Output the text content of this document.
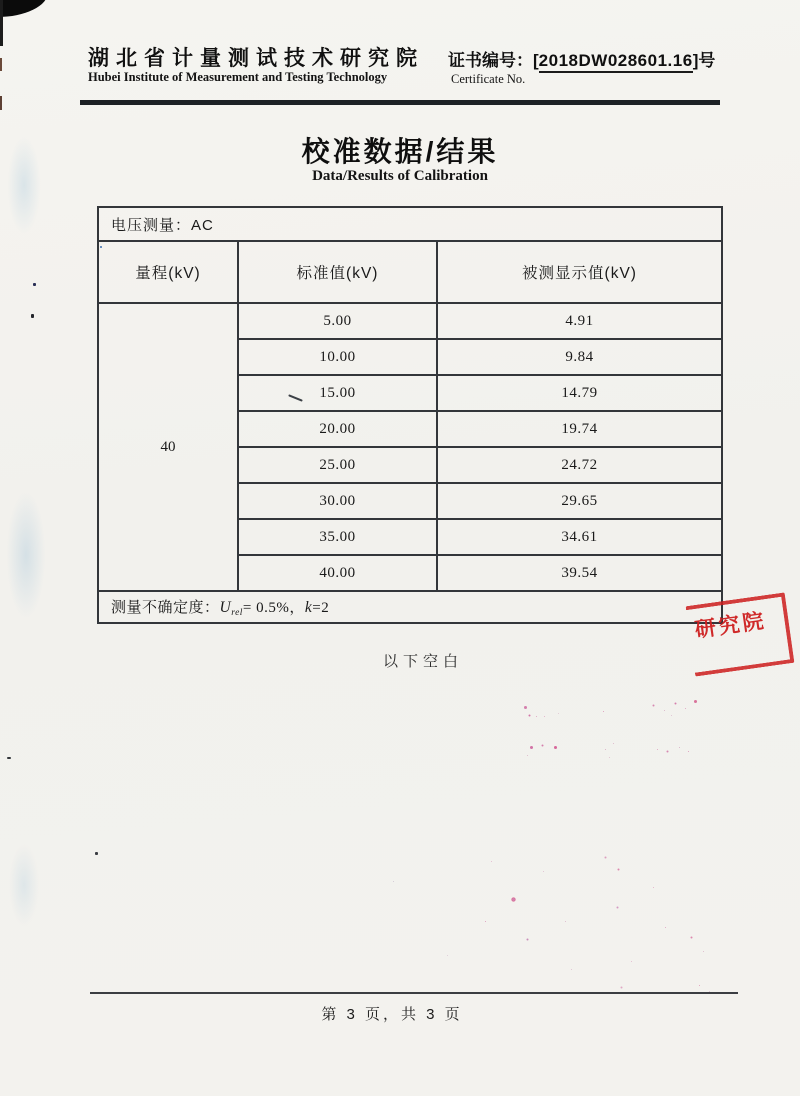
湖北省计量测试技术研究院
Hubei Institute of Measurement and Testing Technology
证书编号：[2018DW028601.16]号
Certificate No.
校准数据/结果
Data/Results of Calibration
电压测量：AC		
量程(kV)	标准值(kV)	被测显示值(kV)
40	5.00	4.91
	10.00	9.84
	15.00	14.79
	20.00	19.74
	25.00	24.72
	30.00	29.65
	35.00	34.61
	40.00	39.54
测量不确定度：$U_{rel}= 0.5\%$，k=2		
以下空白
研究院
第 3 页，共 3 页
